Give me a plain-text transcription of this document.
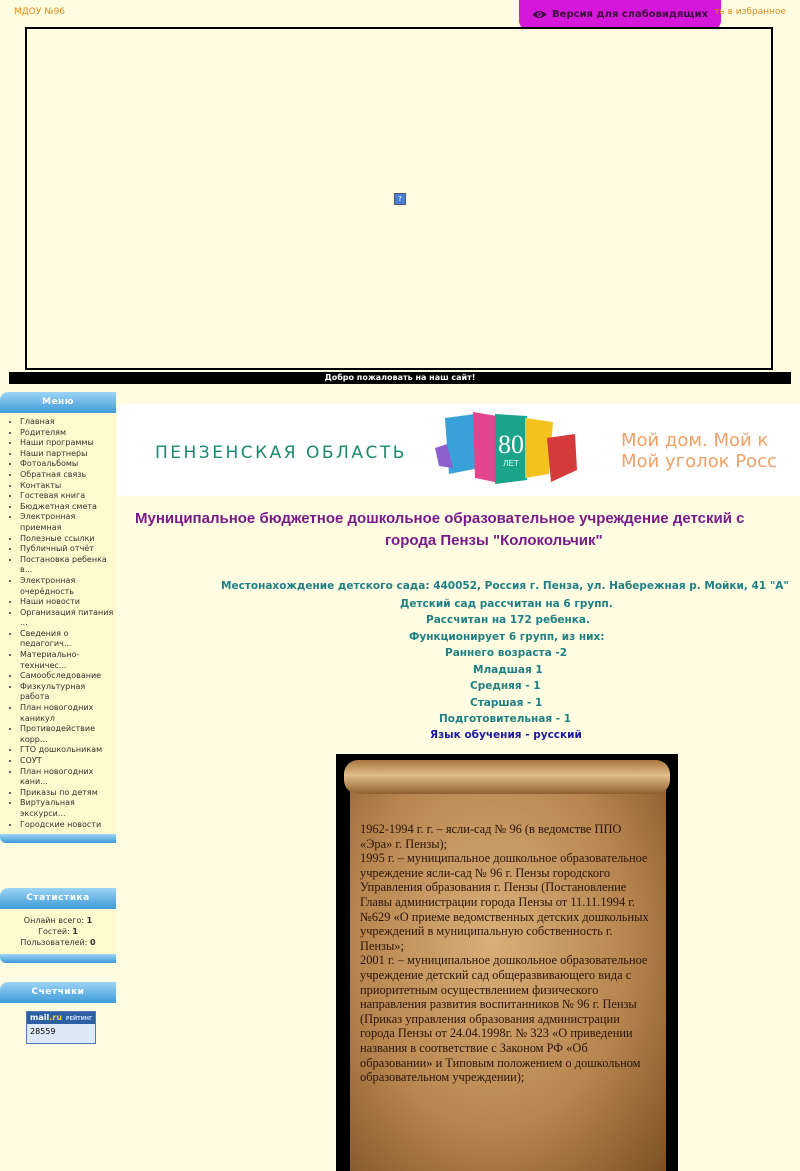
МДОУ №96	Версия для слабовидящих ть в избранное
?
Добро пожаловать на наш сайт!
Меню
• Главная
• Родителям
• Наши программы
• Наши партнеры
• Фотоальбомы
• Обратная связь
• Контакты
• Гостевая книга
• Бюджетная смета
• Электронная приемная
• Полезные ссылки
• Публичный отчёт
• Постановка ребенка в...
• Электронная очерёдность
• Наши новости
• Организация питания ...
• Сведения о педагогич...
• Материально-техничес...
• Самообследование
• Физкультурная работа
• План новогодних каникул
• Противодействие корр...
• ГТО дошкольникам
• СОУТ
• План новогодних кани...
• Приказы по детям
• Виртуальная экскурси...
• Городские новости
Статистика
Онлайн всего: 1
Гостей: 1
Пользователей: 0
Счетчики
mail.ru РЕЙТИНГ
28559
ПЕНЗЕНСКАЯ ОБЛАСТЬ	80
ЛЕТ
Мой дом. Мой к
Мой уголок Росс
Муниципальное бюджетное дошкольное образовательное учреждение детский с
города Пензы "Колокольчик"
Местонахождение детского сада: 440052, Россия г. Пенза, ул. Набережная р. Мойки, 41 "А"
Детский сад рассчитан на 6 групп.
Рассчитан на 172 ребенка.
Функционирует 6 групп, из них:
Раннего возраста -2
Младшая 1
Средняя - 1
Старшая - 1
Подготовительная - 1
Язык обучения - русский

1962-1994 г. г. – ясли-сад № 96 (в ведомстве ППО «Эра» г. Пензы);

1995 г. – муниципальное дошкольное образовательное учреждение ясли-сад № 96 г. Пензы городского Управления образования г. Пензы (Постановление Главы администрации города Пензы от 11.11.1994 г. №629 «О приеме ведомственных детских дошкольных учреждений в муниципальную собственность г. Пензы»;

2001 г. – муниципальное дошкольное образовательное учреждение детский сад общеразвивающего вида с приоритетным осуществлением физического направления развития воспитанников № 96 г. Пензы (Приказ управления образования администрации города Пензы от 24.04.1998г. № 323 «О приведении названия в соответствие с Законом РФ «Об образовании» и Типовым положением о дошкольном образовательном учреждении);
